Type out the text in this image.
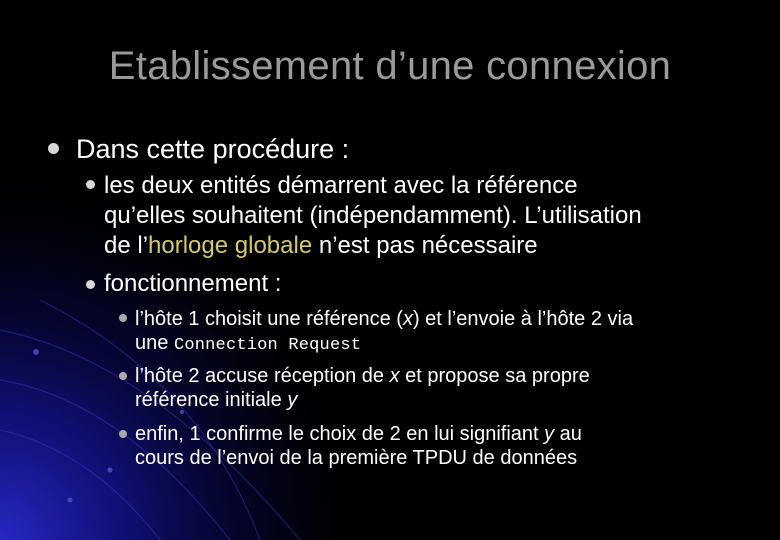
Etablissement d’une connexion
Dans cette procédure :
les deux entités démarrent avec la référence
qu’elles souhaitent (indépendamment). L’utilisation
de l’horloge globale n’est pas nécessaire
fonctionnement :
l’hôte 1 choisit une référence (x) et l’envoie à l’hôte 2 via
une Connection Request
l’hôte 2 accuse réception de x et propose sa propre
référence initiale y
enfin, 1 confirme le choix de 2 en lui signifiant y au
cours de l’envoi de la première TPDU de données
